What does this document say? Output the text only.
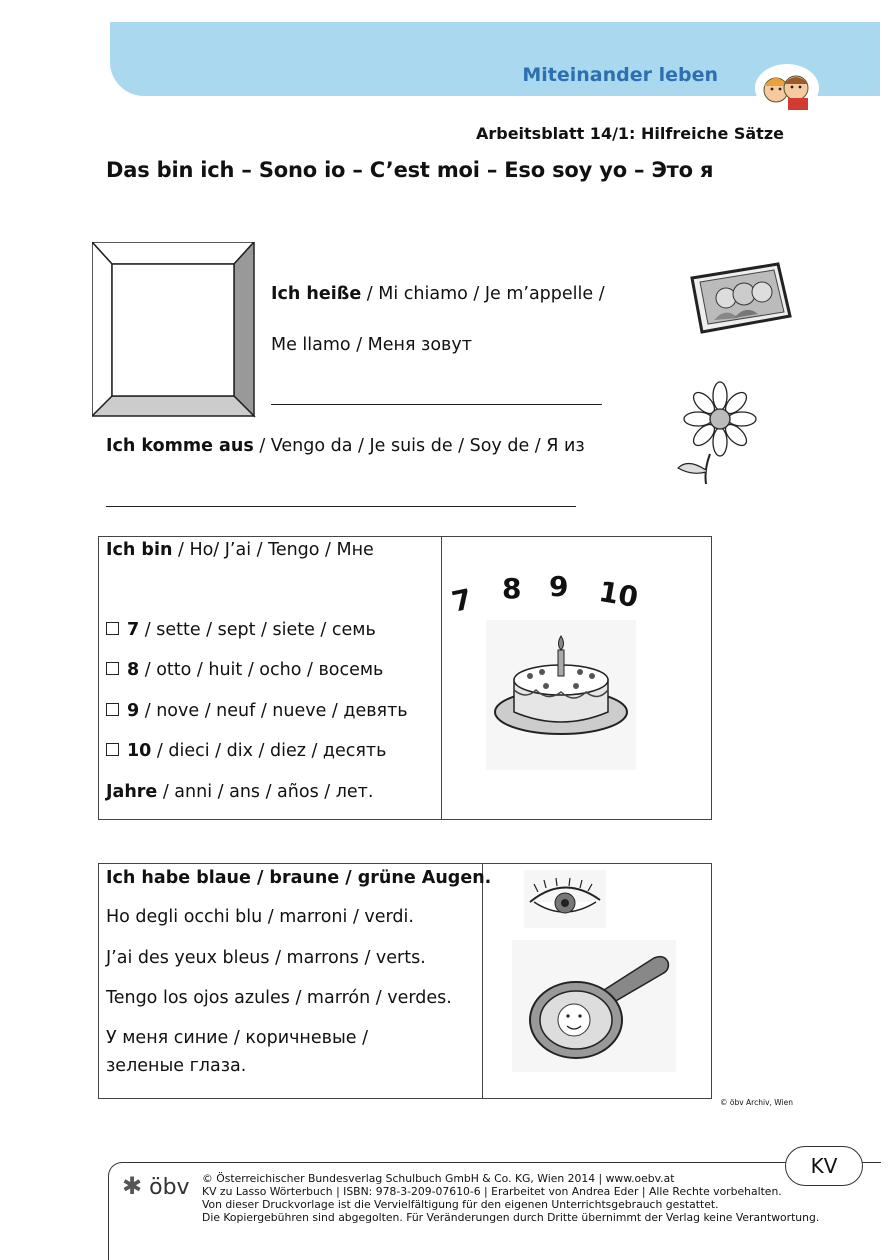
Miteinander leben
Arbeitsblatt 14/1: Hilfreiche Sätze
Das bin ich – Sono io – C’est moi – Eso soy yo – Это я
Ich heiße / Mi chiamo / Je m’appelle /
Me llamo / Меня зовут
Ich komme aus / Vengo da / Je suis de / Soy de / Я из
Ich bin / Ho/ J’ai / Tengo / Мне
7 / sette / sept / siete / семь
8 / otto / huit / ocho / восемь
9 / nove / neuf / nueve / девять
10 / dieci / dix / diez / десять
Jahre / anni / ans / años / лет.
7 8 9 10
Ich habe blaue / braune / grüne Augen.
Ho degli occhi blu / marroni / verdi.
J’ai des yeux bleus / marrons / verts.
Tengo los ojos azules / marrón / verdes.
У меня синие / коричневые /
зеленые глаза.
© öbv Archiv, Wien
KV
✱ öbv © Österreichischer Bundesverlag Schulbuch GmbH & Co. KG, Wien 2014 | www.oebv.at
KV zu Lasso Wörterbuch | ISBN: 978-3-209-07610-6 | Erarbeitet von Andrea Eder | Alle Rechte vorbehalten.
Von dieser Druckvorlage ist die Vervielfältigung für den eigenen Unterrichtsgebrauch gestattet.
Die Kopiergebühren sind abgegolten. Für Veränderungen durch Dritte übernimmt der Verlag keine Verantwortung.
